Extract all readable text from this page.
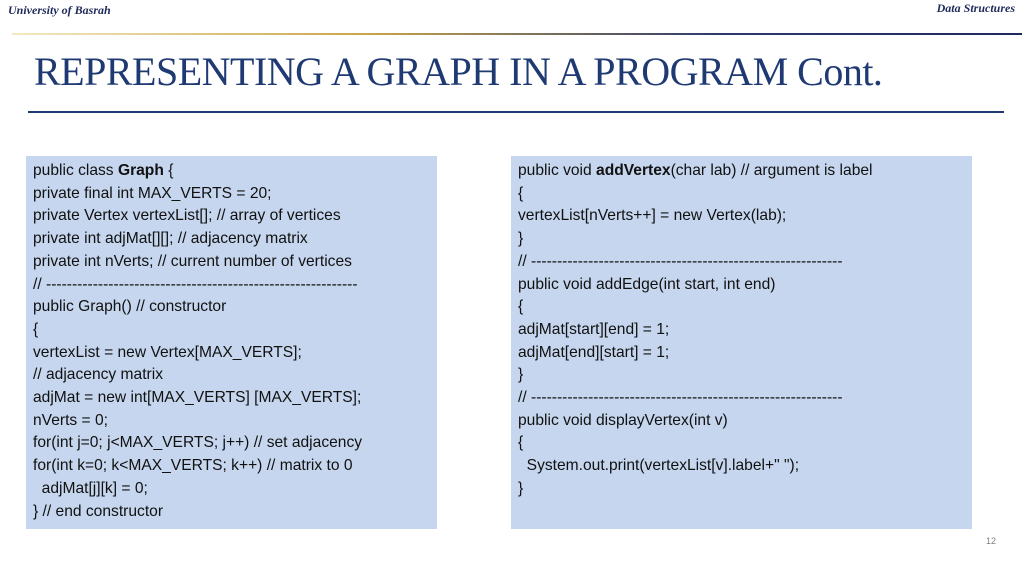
University of Basrah	Data Structures
REPRESENTING A GRAPH IN A PROGRAM Cont.
public class Graph {
private final int MAX_VERTS = 20;
private Vertex vertexList[]; // array of vertices
private int adjMat[][]; // adjacency matrix
private int nVerts; // current number of vertices
// ------------------------------------------------------------
public Graph() // constructor
{
vertexList = new Vertex[MAX_VERTS];
// adjacency matrix
adjMat = new int[MAX_VERTS] [MAX_VERTS];
nVerts = 0;
for(int j=0; j<MAX_VERTS; j++) // set adjacency
for(int k=0; k<MAX_VERTS; k++) // matrix to 0
adjMat[j][k] = 0;
} // end constructor
public void addVertex(char lab) // argument is label
{
vertexList[nVerts++] = new Vertex(lab);
}
// ------------------------------------------------------------
public void addEdge(int start, int end)
{
adjMat[start][end] = 1;
adjMat[end][start] = 1;
}
// ------------------------------------------------------------
public void displayVertex(int v)
{
System.out.print(vertexList[v].label+" ");
}
12
